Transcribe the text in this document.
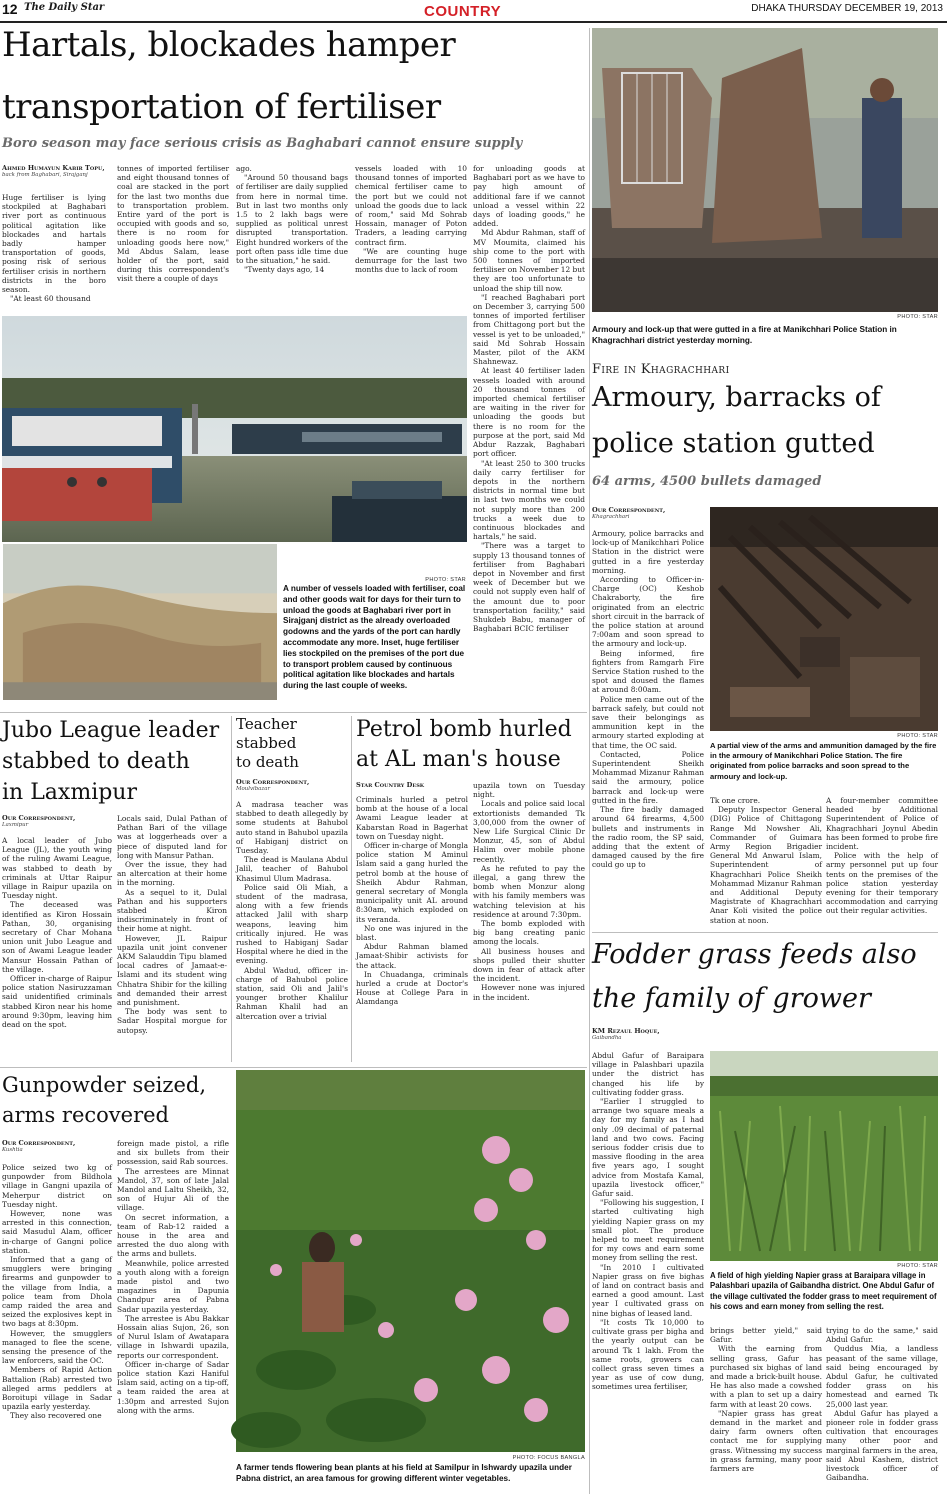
12 The Daily Star	COUNTRY	DHAKA THURSDAY DECEMBER 19, 2013
Hartals, blockades hamper
transportation of fertiliser
Boro season may face serious crisis as Baghabari cannot ensure supply
Ahmed Humayun Kabir Topu,
back from Baghabari, Sirajganj

Huge fertiliser is lying stockpiled at Baghabari river port as continuous political agitation like blockades and hartals badly hamper transportation of goods, posing risk of serious fertiliser crisis in northern districts in the boro season.

"At least 60 thousand

tonnes of imported fertiliser and eight thousand tonnes of coal are stacked in the port for the last two months due to transportation problem. Entire yard of the port is occupied with goods and so, there is no room for unloading goods here now," Md Abdus Salam, lease holder of the port, said during this correspondent's visit there a couple of days

ago.

"Around 50 thousand bags of fertiliser are daily supplied from here in normal time. But in last two months only 1.5 to 2 lakh bags were supplied as political unrest disrupted transportation. Eight hundred workers of the port often pass idle time due to the situation," he said.

"Twenty days ago, 14

vessels loaded with 10 thousand tonnes of imported chemical fertiliser came to the port but we could not unload the goods due to lack of room," said Md Sohrab Hossain, manager of Poton Traders, a leading carrying contract firm.

"We are counting huge demurrage for the last two months due to lack of room

for unloading goods at Baghabari port as we have to pay high amount of additional fare if we cannot unload a vessel within 22 days of loading goods," he added.

Md Abdur Rahman, staff of MV Moumita, claimed his ship come to the port with 500 tonnes of imported fertiliser on November 12 but they are too unfortunate to unload the ship till now.

"I reached Baghabari port on December 3, carrying 500 tonnes of imported fertiliser from Chittagong port but the vessel is yet to be unloaded," said Md Sohrab Hossain Master, pilot of the AKM Shahnewaz.

At least 40 fertiliser laden vessels loaded with around 20 thousand tonnes of imported chemical fertiliser are waiting in the river for unloading the goods but there is no room for the purpose at the port, said Md Abdur Razzak, Baghabari port officer.

"At least 250 to 300 trucks daily carry fertiliser for depots in the northern districts in normal time but in last two months we could not supply more than 200 trucks a week due to continuous blockades and hartals," he said.

"There was a target to supply 13 thousand tonnes of fertiliser from Baghabari depot in November and first week of December but we could not supply even half of the amount due to poor transportation facility," said Shukdeb Babu, manager of Baghabari BCIC fertiliser

PHOTO: STAR
A number of vessels loaded with fertiliser, coal and other goods wait for days for their turn to unload the goods at Baghabari river port in Sirajganj district as the already overloaded godowns and the yards of the port can hardly accommodate any more. Inset, huge fertiliser lies stockpiled on the premises of the port due to transport problem caused by continuous political agitation like blockades and hartals during the last couple of weeks.
PHOTO: STAR
Armoury and lock-up that were gutted in a fire at Manikchhari Police Station in Khagrachhari district yesterday morning.
Fire in Khagrachhari
Armoury, barracks of
police station gutted
64 arms, 4500 bullets damaged
Our Correspondent,
Khagrachhari

Armoury, police barracks and lock-up of Manikchhari Police Station in the district were gutted in a fire yesterday morning.

According to Officer-in-Charge (OC) Keshob Chakraborty, the fire originated from an electric short circuit in the barrack of the police station at around 7:00am and soon spread to the armoury and lock-up.

Being informed, fire fighters from Ramgarh Fire Service Station rushed to the spot and doused the flames at around 8:00am.

Police men came out of the barrack safely, but could not save their belongings as ammunition kept in the armoury started exploding at that time, the OC said.

Contacted, Police Superintendent Sheikh Mohammad Mizanur Rahman said the armoury, police barrack and lock-up were gutted in the fire.

The fire badly damaged around 64 firearms, 4,500 bullets and instruments in the radio room, the SP said, adding that the extent of damaged caused by the fire could go up to

PHOTO: STAR
A partial view of the arms and ammunition damaged by the fire in the armoury of Manikchhari Police Station. The fire originated from police barracks and soon spread to the armoury and lock-up.

Tk one crore.

Deputy Inspector General (DIG) Police of Chittagong Range Md Nowsher Ali, Commander of Guimara Army Region Brigadier General Md Anwarul Islam, Superintendent of Khagrachhari Police Sheikh Mohammad Mizanur Rahman and Additional Deputy Magistrate of Khagrachhari Anar Koli visited the police station at noon.

A four-member committee headed by Additional Superintendent of Police of Khagrachhari Joynul Abedin has been formed to probe fire incident.

Police with the help of army personnel put up four tents on the premises of the police station yesterday evening for their temporary accommodation and carrying out their regular activities.

Jubo League leader
stabbed to death
in Laxmipur
Our Correspondent,
Laxmipur

A local leader of Jubo League (JL), the youth wing of the ruling Awami League, was stabbed to death by criminals at Uttar Raipur village in Raipur upazila on Tuesday night.

The deceased was identified as Kiron Hossain Pathan, 30, organising secretary of Char Mohana union unit Jubo League and son of Awami League leader Mansur Hossain Pathan of the village.

Officer in-charge of Raipur police station Nasiruzzaman said unidentified criminals stabbed Kiron near his home around 9:30pm, leaving him dead on the spot.

Locals said, Dulal Pathan of Pathan Bari of the village was at loggerheads over a piece of disputed land for long with Mansur Pathan.

Over the issue, they had an altercation at their home in the morning.

As a sequel to it, Dulal Pathan and his supporters stabbed Kiron indiscriminately in front of their home at night.

However, JL Raipur upazila unit joint convener AKM Salauddin Tipu blamed local cadres of Jamaat-e-Islami and its student wing Chhatra Shibir for the killing and demanded their arrest and punishment.

The body was sent to Sadar Hospital morgue for autopsy.

Teacher
stabbed
to death
Our Correspondent,
Moulvibazar

A madrasa teacher was stabbed to death allegedly by some students at Bahubol auto stand in Bahubol upazila of Habiganj district on Tuesday.

The dead is Maulana Abdul Jalil, teacher of Bahubol Khasimul Ulum Madrasa.

Police said Oli Miah, a student of the madrasa, along with a few friends attacked Jalil with sharp weapons, leaving him critically injured. He was rushed to Habiganj Sadar Hospital where he died in the evening.

Abdul Wadud, officer in-charge of Bahubol police station, said Oli and Jalil's younger brother Khalilur Rahman Khalil had an altercation over a trivial

Petrol bomb hurled
at AL man's house
Star Country Desk

Criminals hurled a petrol bomb at the house of a local Awami League leader at Kabarstan Road in Bagerhat town on Tuesday night.

Officer in-charge of Mongla police station M Aminul Islam said a gang hurled the petrol bomb at the house of Sheikh Abdur Rahman, general secretary of Mongla municipality unit AL around 8:30am, which exploded on its veranda.

No one was injured in the blast.

Abdur Rahman blamed Jamaat-Shibir activists for the attack.

In Chuadanga, criminals hurled a crude at Doctor's House at College Para in Alamdanga

upazila town on Tuesday night.

Locals and police said local extortionists demanded Tk 3,00,000 from the owner of New Life Surgical Clinic Dr Monzur, 45, son of Abdul Halim over mobile phone recently.

As he refuted to pay the illegal, a gang threw the bomb when Monzur along with his family members was watching television at his residence at around 7:30pm.

The bomb exploded with big bang creating panic among the locals.

All business houses and shops pulled their shutter down in fear of attack after the incident.

However none was injured in the incident.

Gunpowder seized,
arms recovered
Our Correspondent,
Kushtia

Police seized two kg of gunpowder from Bildhola village in Gangni upazila of Meherpur district on Tuesday night.

However, none was arrested in this connection, said Masudul Alam, officer in-charge of Gangni police station.

Informed that a gang of smugglers were bringing firearms and gunpowder to the village from India, a police team from Dhola camp raided the area and seized the explosives kept in two bags at 8:30pm.

However, the smugglers managed to flee the scene, sensing the presence of the law enforcers, said the OC.

Members of Rapid Action Battalion (Rab) arrested two alleged arms peddlers at Boroitupi village in Sadar upazila early yesterday.

They also recovered one

foreign made pistol, a rifle and six bullets from their possession, said Rab sources.

The arrestees are Minnat Mandol, 37, son of late Jalal Mandol and Laltu Sheikh, 32, son of Hujur Ali of the village.

On secret information, a team of Rab-12 raided a house in the area and arrested the duo along with the arms and bullets.

Meanwhile, police arrested a youth along with a foreign made pistol and two magazines in Dapunia Chandpur area of Pabna Sadar upazila yesterday.

The arrestee is Abu Bakkar Hossain alias Sujon, 26, son of Nurul Islam of Awatapara village in Ishwardi upazila, reports our correspondent.

Officer in-charge of Sadar police station Kazi Haniful Islam said, acting on a tip-off, a team raided the area at 1:30pm and arrested Sujon along with the arms.

PHOTO: FOCUS BANGLA
A farmer tends flowering bean plants at his field at Samilpur in Ishwardy upazila under Pabna district, an area famous for growing different winter vegetables.
Fodder grass feeds also
the family of grower
KM Rezaul Hoque,
Gaibandha

Abdul Gafur of Baraipara village in Palashbari upazila under the district has changed his life by cultivating fodder grass.

"Earlier I struggled to arrange two square meals a day for my family as I had only .09 decimal of paternal land and two cows. Facing serious fodder crisis due to massive flooding in the area five years ago, I sought advice from Mostafa Kamal, upazila livestock officer," Gafur said.

"Following his suggestion, I started cultivating high yielding Napier grass on my small plot. The produce helped to meet requirement for my cows and earn some money from selling the rest.

"In 2010 I cultivated Napier grass on five bighas of land on contract basis and earned a good amount. Last year I cultivated grass on nine bighas of leased land.

"It costs Tk 10,000 to cultivate grass per bigha and the yearly output can be around Tk 1 lakh. From the same roots, growers can collect grass seven times a year as use of cow dung, sometimes urea fertiliser,

PHOTO: STAR
A field of high yielding Napier grass at Baraipara village in Palashbari upazila of Gaibandha district. One Abdul Gafur of the village cultivated the fodder grass to meet requirement of his cows and earn money from selling the rest.

brings better yield," said Gafur.

With the earning from selling grass, Gafur has purchased six bighas of land and made a brick-built house. He has also made a cowshed with a plan to set up a dairy farm with at least 20 cows.

"Napier grass has great demand in the market and dairy farm owners often contact me for supplying grass. Witnessing my success in grass farming, many poor farmers are

trying to do the same," said Abdul Gafur.

Quddus Mia, a landless peasant of the same village, said being encouraged by Abdul Gafur, he cultivated fodder grass on his homestead and earned Tk 25,000 last year.

Abdul Gafur has played a pioneer role in fodder grass cultivation that encourages many other poor and marginal farmers in the area, said Abul Kashem, district livestock officer of Gaibandha.
